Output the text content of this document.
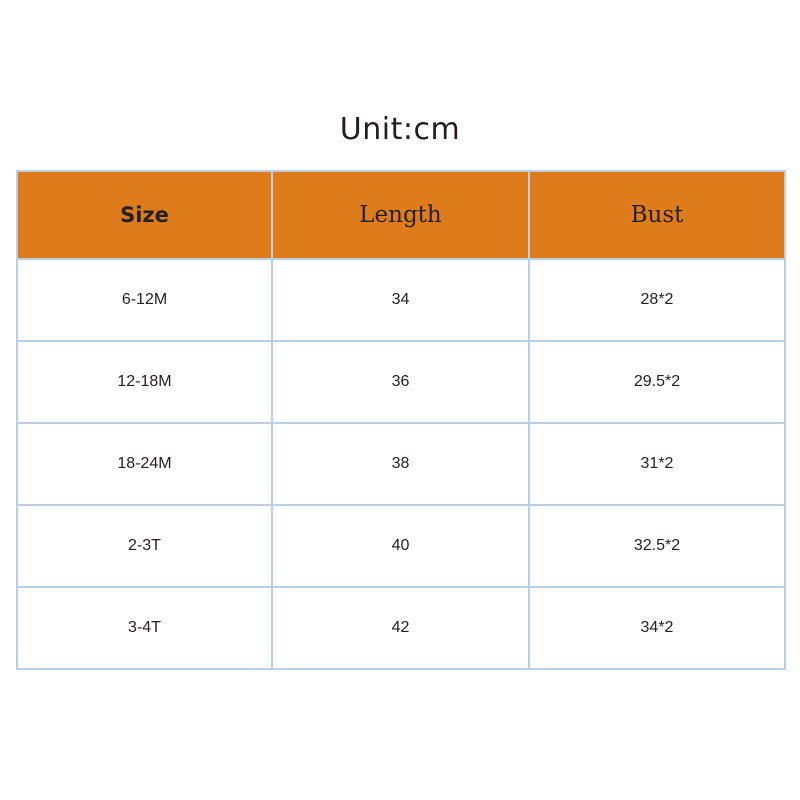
Unit:cm
Size	Length	Bust
6-12M	34	28*2
12-18M	36	29.5*2
18-24M	38	31*2
2-3T	40	32.5*2
3-4T	42	34*2
